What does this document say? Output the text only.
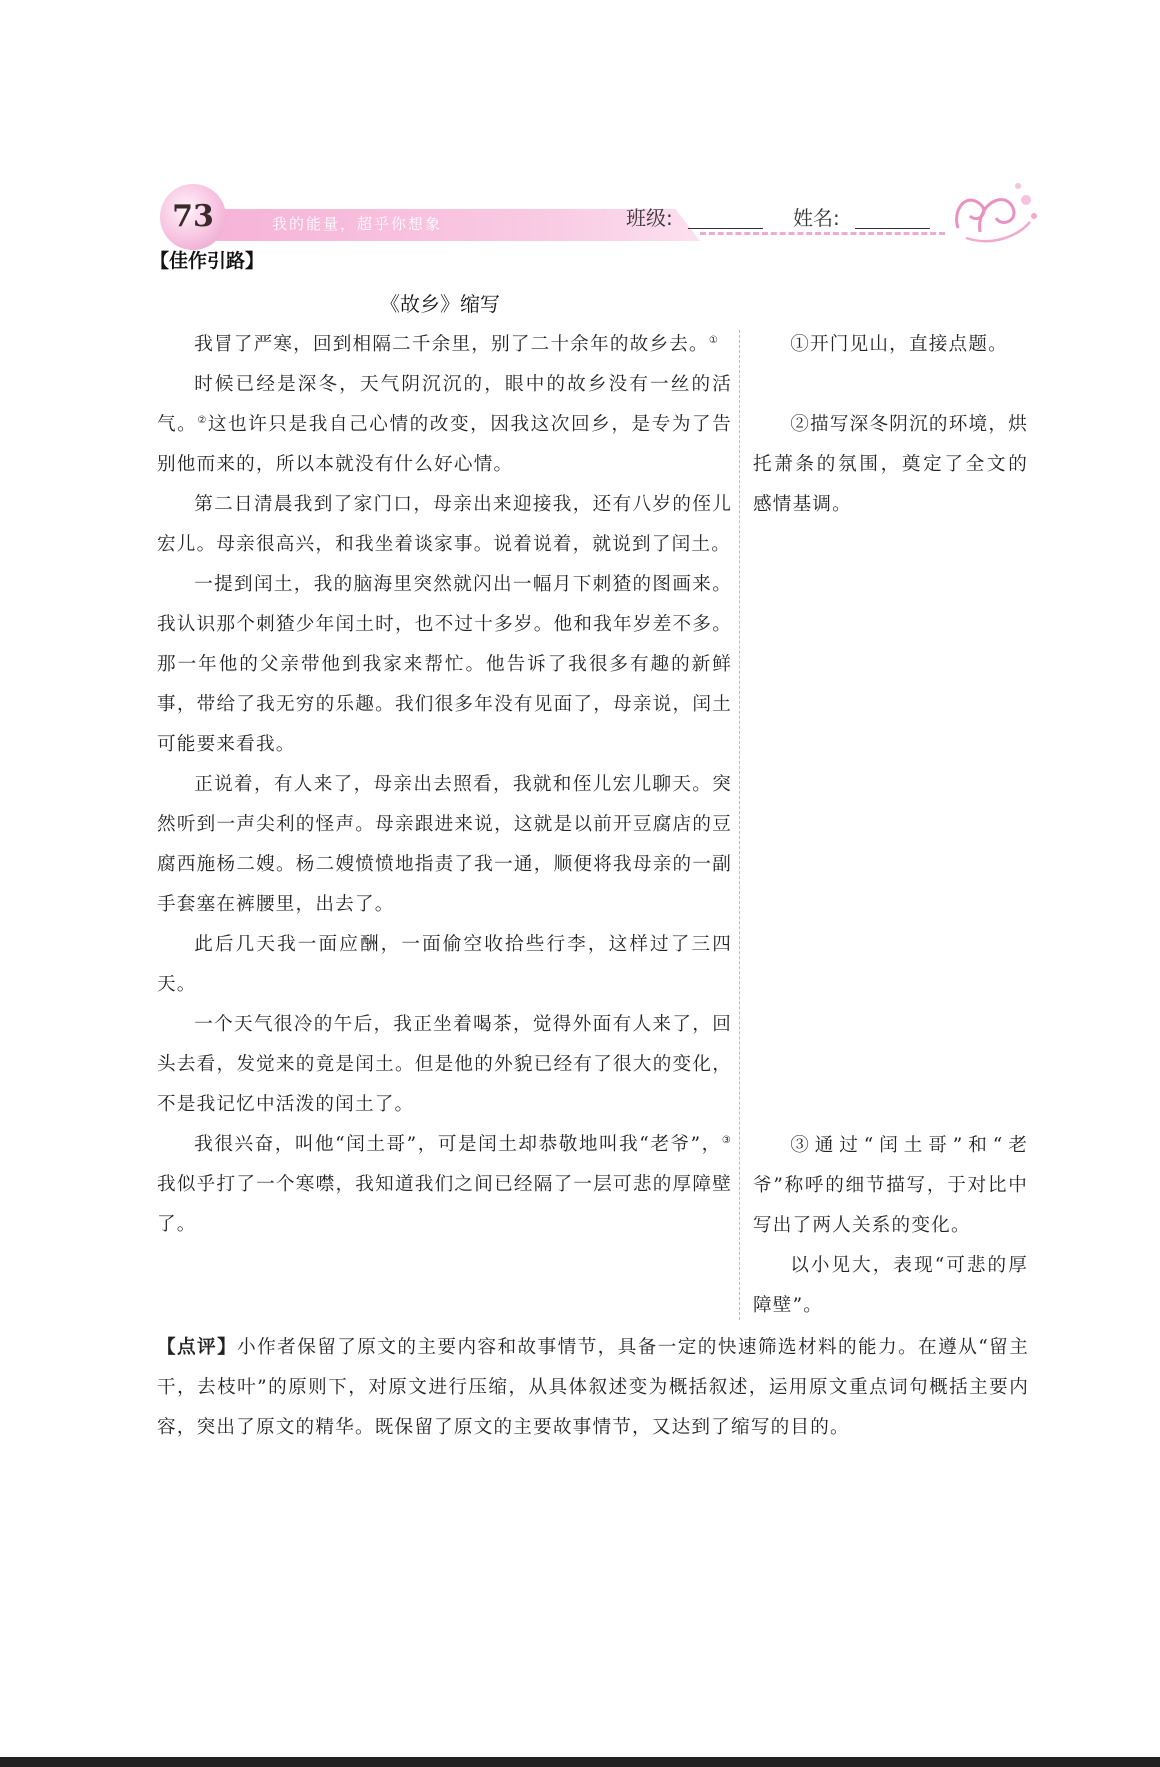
73	我的能量，超乎你想象	班级:	姓名:
【佳作引路】
《故乡》缩写

我冒了严寒，回到相隔二千余里，别了二十余年的故乡去。①

时候已经是深冬，天气阴沉沉的，眼中的故乡没有一丝的活气。②这也许只是我自己心情的改变，因我这次回乡，是专为了告别他而来的，所以本就没有什么好心情。

第二日清晨我到了家门口，母亲出来迎接我，还有八岁的侄儿宏儿。母亲很高兴，和我坐着谈家事。说着说着，就说到了闰土。

一提到闰土，我的脑海里突然就闪出一幅月下刺猹的图画来。我认识那个刺猹少年闰土时，也不过十多岁。他和我年岁差不多。那一年他的父亲带他到我家来帮忙。他告诉了我很多有趣的新鲜事，带给了我无穷的乐趣。我们很多年没有见面了，母亲说，闰土可能要来看我。

正说着，有人来了，母亲出去照看，我就和侄儿宏儿聊天。突然听到一声尖利的怪声。母亲跟进来说，这就是以前开豆腐店的豆腐西施杨二嫂。杨二嫂愤愤地指责了我一通，顺便将我母亲的一副手套塞在裤腰里，出去了。

此后几天我一面应酬，一面偷空收拾些行李，这样过了三四天。

一个天气很冷的午后，我正坐着喝茶，觉得外面有人来了，回头去看，发觉来的竟是闰土。但是他的外貌已经有了很大的变化，不是我记忆中活泼的闰土了。

我很兴奋，叫他“闰土哥”，可是闰土却恭敬地叫我“老爷”，③我似乎打了一个寒噤，我知道我们之间已经隔了一层可悲的厚障壁了。

①开门见山，直接点题。

②描写深冬阴沉的环境，烘托萧条的氛围，奠定了全文的感情基调。

③通过“闰土哥”和“老爷”称呼的细节描写，于对比中写出了两人关系的变化。

以小见大，表现“可悲的厚障壁”。

【点评】小作者保留了原文的主要内容和故事情节，具备一定的快速筛选材料的能力。在遵从“留主干，去枝叶”的原则下，对原文进行压缩，从具体叙述变为概括叙述，运用原文重点词句概括主要内容，突出了原文的精华。既保留了原文的主要故事情节，又达到了缩写的目的。
